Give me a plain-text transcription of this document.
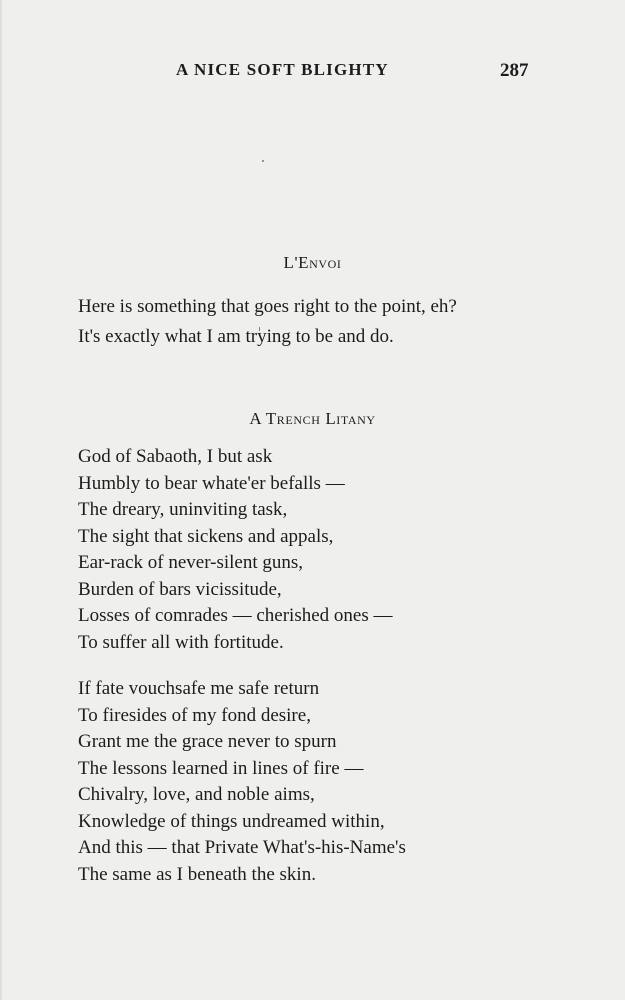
A NICE SOFT BLIGHTY	287
L'Envoi

Here is something that goes right to the point, eh?

It's exactly what I am trying to be and do.

A Trench Litany
God of Sabaoth, I but ask
Humbly to bear whate'er befalls —
The dreary, uninviting task,
The sight that sickens and appals,
Ear-rack of never-silent guns,
Burden of bars vicissitude,
Losses of comrades — cherished ones —
To suffer all with fortitude.
If fate vouchsafe me safe return
To firesides of my fond desire,
Grant me the grace never to spurn
The lessons learned in lines of fire —
Chivalry, love, and noble aims,
Knowledge of things undreamed within,
And this — that Private What's-his-Name's
The same as I beneath the skin.
